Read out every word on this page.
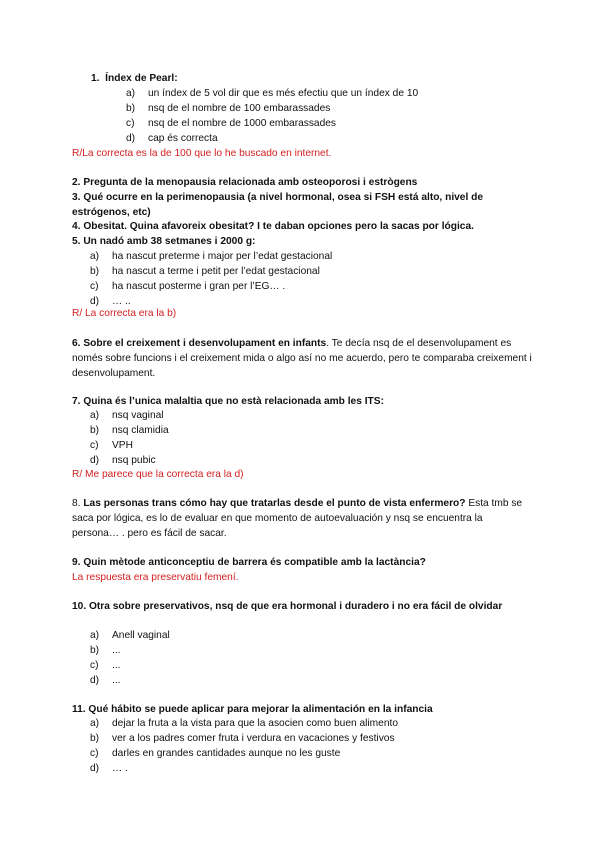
1. Índex de Pearl:
a) un índex de 5 vol dir que es més efectiu que un índex de 10
b) nsq de el nombre de 100 embarassades
c) nsq de el nombre de 1000 embarassades
d) cap és correcta
R/La correcta es la de 100 que lo he buscado en internet.
2. Pregunta de la menopausia relacionada amb osteoporosi i estrògens
3. Qué ocurre en la perimenopausia (a nivel hormonal, osea si FSH está alto, nivel de estrógenos, etc)
4. Obesitat. Quina afavoreix obesitat? I te daban opciones pero la sacas por lógica.
5. Un nadó amb 38 setmanes i 2000 g:
a) ha nascut preterme i major per l’edat gestacional
b) ha nascut a terme i petit per l’edat gestacional
c) ha nascut posterme i gran per l’EG… .
d) … ..
R/ La correcta era la b)
6. Sobre el creixement i desenvolupament en infants. Te decía nsq de el desenvolupament es només sobre funcions i el creixement mida o algo así no me acuerdo, pero te comparaba creixement i desenvolupament.
7. Quina és l’unica malaltia que no està relacionada amb les ITS:
a) nsq vaginal
b) nsq clamidia
c) VPH
d) nsq pubic
R/ Me parece que la correcta era la d)
8. Las personas trans cómo hay que tratarlas desde el punto de vista enfermero? Esta tmb se saca por lógica, es lo de evaluar en que momento de autoevaluación y nsq se encuentra la persona… . pero es fácil de sacar.
9. Quin mètode anticonceptiu de barrera és compatible amb la lactància?
La respuesta era preservatiu femení.
10. Otra sobre preservativos, nsq de que era hormonal i duradero i no era fácil de olvidar
a) Anell vaginal
b) ...
c) ...
d) ...
11. Qué hábito se puede aplicar para mejorar la alimentación en la infancia
a) dejar la fruta a la vista para que la asocien como buen alimento
b) ver a los padres comer fruta i verdura en vacaciones y festivos
c) darles en grandes cantidades aunque no les guste
d) … .
